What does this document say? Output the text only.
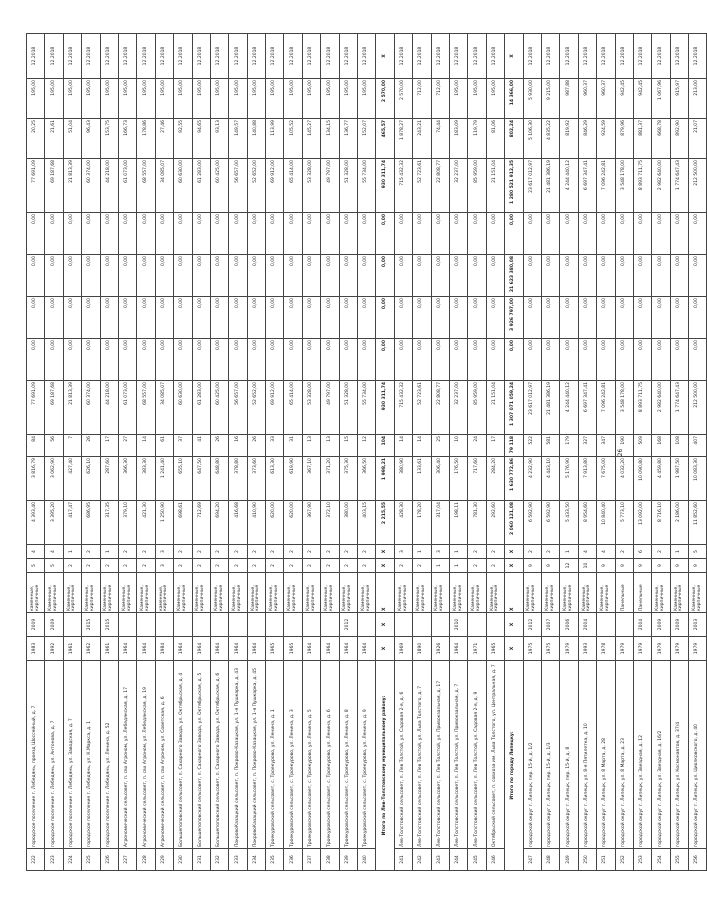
222	городское поселение г. Лебедянь, проезд Шоссейный, д. 7	1983	2009	каменные, кирпичные	5	4	4 393,40	3 816,79	84	77 691,09	0,00	0,00	0,00	0,00	77 691,09	20,25	195,00	12.2018
223	городское поселение г. Лебедянь, ул. Антонова, д. 7	1992	2009	Каменные, кирпичные	5	4	3 395,20	3 062,90	56	69 187,68	0,00	0,00	0,00	0,00	69 187,68	21,61	195,00	12.2018
224	городское поселение г. Лебедянь, ул. Заводская, д. 7	1961		Каменные, кирпичные	2	1	417,47	427,40	7	21 813,39	0,00	0,00	0,00	0,00	21 813,39	51,04	195,00	12.2018
225	городское поселение г. Лебедянь, ул. К.Маркса, д. 1	1962	2015	Каменные, кирпичные	2	2	686,95	626,10	26	60 374,00	0,00	0,00	0,00	0,00	60 374,00	96,43	195,00	12.2018
226	городское поселение г. Лебедянь, ул. Ленина, д. 52	1961	2015	Каменные, кирпичные	2	1	317,35	287,60	17	44 218,00	0,00	0,00	0,00	0,00	44 218,00	153,75	195,00	12.2018
227	Агрономический сельсовет, п. свх Агроном, ул. Лебедянская, д. 17	1964		Каменные, кирпичные	2	2	379,10	366,30	27	61 073,00	0,00	0,00	0,00	0,00	61 073,00	166,73	195,00	12.2018
228	Агрономический сельсовет, п. свх Агроном, ул. Лебедянская, д. 19	1964		Каменные, кирпичные	2	2	421,30	383,30	14	68 557,00	0,00	0,00	0,00	0,00	68 557,00	178,86	195,00	12.2018
229	Агрономический сельсовет, п. свх Агроном, ул. Советская, д. 6	1984		каменные, кирпичные	3	3	1 250,90	1 241,40	61	34 085,07	0,00	0,00	0,00	0,00	34 085,07	27,46	195,00	12.2018
230	Большепоповский сельсовет, п. Сахарного Завода, ул. Октябрьская, д. 4	1964		Каменные, кирпичные	2	2	698,61	655,10	37	60 630,00	0,00	0,00	0,00	0,00	60 630,00	92,55	195,00	12.2018
231	Большепоповский сельсовет, п. Сахарного Завода, ул. Октябрьская, д. 5	1964		Каменные, кирпичные	2	2	712,69	647,50	41	61 283,00	0,00	0,00	0,00	0,00	61 283,00	94,65	195,00	12.2018
232	Большепоповский сельсовет, п. Сахарного Завода, ул. Октябрьская, д. 6	1964		Каменные, кирпичные	2	2	694,20	648,80	26	60 425,00	0,00	0,00	0,00	0,00	60 425,00	93,13	195,00	12.2018
233	ПокровоКазацкий сельсовет, п. Покрово-Казацкая, ул. 1-я Пушкарка, д. 43	1964		Каменные, кирпичные	2	2	416,68	378,80	16	56 657,00	0,00	0,00	0,00	0,00	56 657,00	149,57	195,00	12.2018
234	ПокровоКазацкий сельсовет, п. Покрово-Казацкая, ул. 1-я Пушкарка, д. 45	1964		Каменные, кирпичные	2	2	410,90	373,60	26	52 652,00	0,00	0,00	0,00	0,00	52 652,00	140,88	195,00	12.2018
235	Троекуровский сельсовет, с. Троекурово, ул. Ленина, д. 1	1965		Каменные, кирпичные	2	2	620,00	613,30	33	69 912,00	0,00	0,00	0,00	0,00	69 912,00	113,99	195,00	12.2018
236	Троекуровский сельсовет, с. Троекурово, ул. Ленина, д. 3	1965		Каменные, кирпичные	2	2	620,00	619,90	31	65 414,00	0,00	0,00	0,00	0,00	65 414,00	105,52	195,00	12.2018
237	Троекуровский сельсовет, с. Троекурово, ул. Ленина, д. 5	1964		Каменные, кирпичные	2	2	367,90	367,10	13	53 328,00	0,00	0,00	0,00	0,00	53 328,00	145,27	195,00	12.2018
238	Троекуровский сельсовет, с. Троекурово, ул. Ленина, д. 6	1964		Каменные, кирпичные	2	2	372,10	371,20	13	49 797,00	0,00	0,00	0,00	0,00	49 797,00	134,15	195,00	12.2018
239	Троекуровский сельсовет, с. Троекурово, ул. Ленина, д. 8	1964	2012	Каменные, кирпичные	2	2	380,00	375,30	15	51 328,00	0,00	0,00	0,00	0,00	51 328,00	136,77	195,00	12.2018
240	Троекуровский сельсовет, с. Троекурово, ул. Ленина, д. 9	1964		Каменные, кирпичные	2	2	403,15	366,50	12	55 734,00	0,00	0,00	0,00	0,00	55 734,00	152,07	195,00	12.2018
Итого по Лев-Толстовскому муниципальному району:		X	X	X	X	X	2 215,55	1 998,21	104	930 311,74	0,00	0,00	0,00	0,00	930 311,74	465,57	2 570,00	X
241	Лев-Толстовский сельсовет, п. Лев Толстой, ул. Садовая 2-я, д. 6	1969		Каменные, кирпичные	2	3	428,30	380,90	14	715 432,32	0,00	0,00	0,00	0,00	715 432,32	1 878,27	2 570,00	12.2018
242	Лев-Толстовский сельсовет, п. Лев Толстой, ул. Льва Толстого, д. 7	1890		Каменные, кирпичные	2	1	178,20	133,61	14	52 723,61	0,00	0,00	0,00	0,00	52 723,61	243,21	712,00	12.2018
243	Лев-Толстовский сельсовет, п. Лев Толстой, ул. Привокзальная, д. 17	1926		Каменные, кирпичные	1	3	317,04	306,40	25	22 808,77	0,00	0,00	0,00	0,00	22 808,77	74,44	712,00	12.2018
244	Лев-Толстовский сельсовет, п. Лев Толстой, ул. Привокзальная, д. 7	1964	2010	Каменные, кирпичные	1	1	198,11	176,50	10	32 237,00	0,00	0,00	0,00	0,00	32 237,00	183,09	195,00	12.2018
245	Лев-Толстовский сельсовет, п. Лев Толстой, ул. Садовая 2-я, д. 9	1971		Каменные, кирпичные	2	2	781,30	717,60	24	85 959,00	0,00	0,00	0,00	0,00	85 959,00	119,79	195,00	12.2018
246	Октябрьский сельсовет, п. совхоза им. Льва Толстого, ул. Центральная, д. 7	1965		Каменные, кирпичные	2	2	292,60	284,20	17	21 151,04	0,00	0,00	0,00	0,00	21 151,04	81,06	195,00	12.2018
Итого по городу Липецку:		X	X	X	X	X	2 060 121,08	1 630 772,86	79 118	1 307 071 059,24	0,00	3 926 797,00	21 623 380,08	0,00	1 280 521 912,35	802,24	14 366,00	X
247	городской округ г. Липецк, пер. 15-й, д. 1/2	1975	2012	Каменные, кирпичные	9	2	6 592,90	4 232,90	522	23 617 012,97	0,00	0,00	0,00	0,00	23 617 012,97	5 106,30	5 930,00	12.2018
248	городской округ г. Липецк, пер. 15-й, д. 1/3	1975	2007	Каменные, кирпичные	9	2	6 592,90	4 443,10	581	21 481 386,19	0,00	0,00	0,00	0,00	21 481 386,19	4 835,22	9 215,00	12.2018
249	городской округ г. Липецк, пер. 15-й, д. 8	1979	2006	Каменные, кирпичные	12	1	5 433,50	5 176,90	179	4 244 440,12	0,00	0,00	0,00	0,00	4 244 440,12	819,92	987,88	12.2018
250	городской округ г. Липецк, ул. 8-я Пятилетка, д. 10	1993	2004	Каменные, кирпичные	10	4	8 954,60	7 913,80	327	6 697 347,41	0,00	0,00	0,00	0,00	6 697 347,41	846,29	960,37	12.2018
251	городской округ г. Липецк, ул. 8 Марта, д. 28	1978		Каменные, кирпичные	9	4	10 840,40	7 675,00	347	7 096 242,81	0,00	0,00	0,00	0,00	7 096 242,81	924,59	960,37	12.2018
252	городской округ г. Липецк, ул. 8 Марта, д. 23	1979		Панельные	9	2	5 773,10	4 032,20	190	3 548 178,00	0,00	0,00	0,00	0,00	3 548 178,00	879,96	942,45	12.2018
253	городской округ г. Липецк, ул. Звездная, д. 12	1979	2004	Панельные	9	6	13 092,00	10 090,80	509	8 893 711,75	0,00	0,00	0,00	0,00	8 893 711,75	881,37	942,45	12.2018
254	городской округ г. Липецк, ул. Звездная, д. 16/2	1979	2009	Каменные, кирпичные	9	2	8 716,10	4 459,80	168	2 982 640,00	0,00	0,00	0,00	0,00	2 982 640,00	668,78	1 067,96	12.2018
255	городской округ г. Липецк, ул. Космонавтов, д. 37/4	1979	2009	Каменные, кирпичные	9	1	2 186,00	1 987,50	108	1 774 647,43	0,00	0,00	0,00	0,00	1 774 647,43	892,90	915,97	12.2018
256	городской округ г. Липецк, ул. Циолковского, д. 40	1979	2003	Каменные, кирпичные	9	5	11 852,60	10 083,30	407	212 500,00	0,00	0,00	0,00	0,00	212 500,00	21,07	213,00	12.2018
26
